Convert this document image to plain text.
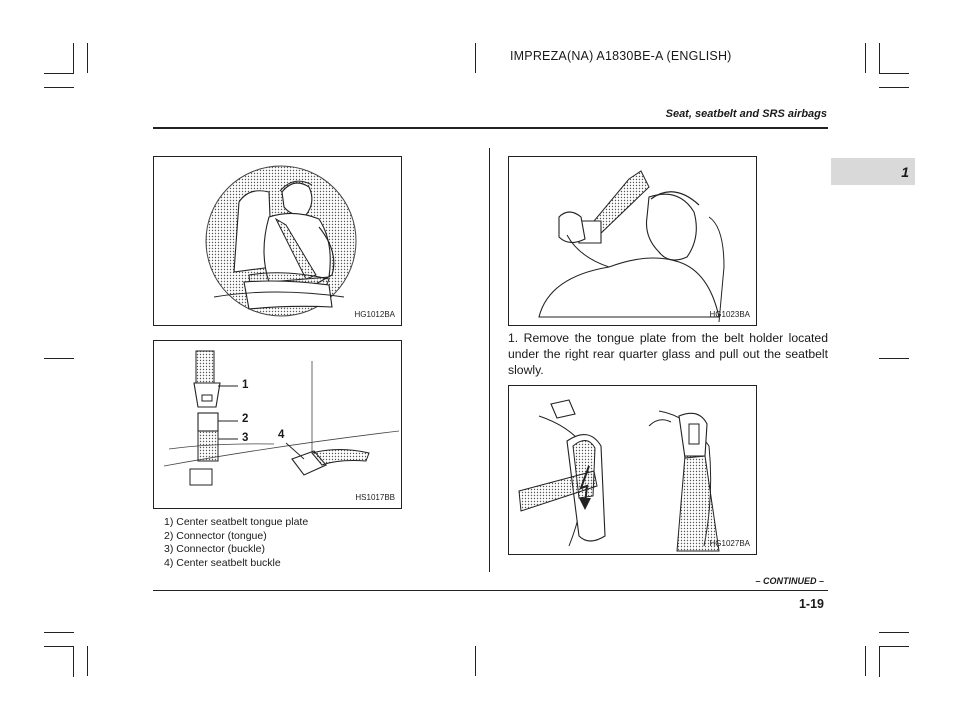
IMPREZA(NA) A1830BE-A (ENGLISH)
Seat, seatbelt and SRS airbags
1
HG1012BA
1
2
3	4
HS1017BB
1) Center seatbelt tongue plate
2) Connector (tongue)
3) Connector (buckle)
4) Center seatbelt buckle
HG1023BA
1. Remove the tongue plate from the belt holder located under the right rear quarter glass and pull out the seatbelt slowly.
HG1027BA
– CONTINUED –
1-19
